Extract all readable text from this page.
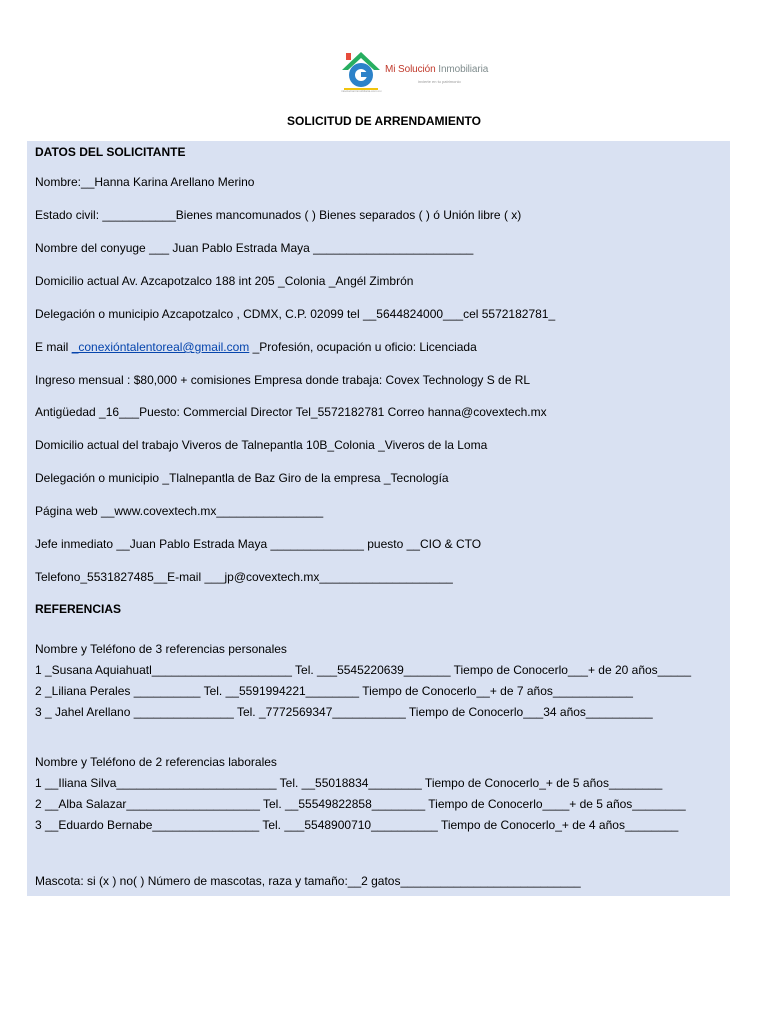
Mi Solución Inmobiliaria
invierte en tu patrimonio
misolucioninmobiliaria.com.mx
SOLICITUD DE ARRENDAMIENTO

DATOS DEL SOLICITANTE

Nombre:__Hanna Karina Arellano Merino

Estado civil: ___________Bienes mancomunados ( ) Bienes separados ( ) ó Unión libre ( x)

Nombre del conyuge ___ Juan Pablo Estrada Maya ________________________

Domicilio actual Av. Azcapotzalco 188 int 205 _Colonia _Angél Zimbrón

Delegación o municipio Azcapotzalco , CDMX, C.P. 02099 tel __5644824000___cel 5572182781_

E mail _conexióntalentoreal@gmail.com _Profesión, ocupación u oficio: Licenciada

Ingreso mensual : $80,000 + comisiones Empresa donde trabaja: Covex Technology S de RL

Antigüedad _16___Puesto: Commercial Director Tel_5572182781 Correo hanna@covextech.mx

Domicilio actual del trabajo Viveros de Talnepantla 10B_Colonia _Viveros de la Loma

Delegación o municipio _Tlalnepantla de Baz Giro de la empresa _Tecnología

Página web __www.covextech.mx________________

Jefe inmediato __Juan Pablo Estrada Maya ______________ puesto __CIO & CTO

Telefono_5531827485__E-mail ___jp@covextech.mx____________________

REFERENCIAS

Nombre y Teléfono de 3 referencias personales

1 _Susana Aquiahuatl_____________________ Tel. ___5545220639_______ Tiempo de Conocerlo___+ de 20 años_____

2 _Liliana Perales __________ Tel. __5591994221________ Tiempo de Conocerlo__+ de 7 años____________

3 _ Jahel Arellano _______________ Tel. _7772569347___________ Tiempo de Conocerlo___34 años__________

Nombre y Teléfono de 2 referencias laborales

1 __Iliana Silva________________________ Tel. __55018834________ Tiempo de Conocerlo_+ de 5 años________

2 __Alba Salazar____________________ Tel. __55549822858________ Tiempo de Conocerlo____+ de 5 años________

3 __Eduardo Bernabe________________ Tel. ___5548900710__________ Tiempo de Conocerlo_+ de 4 años________

Mascota: si (x ) no( ) Número de mascotas, raza y tamaño:__2 gatos___________________________
